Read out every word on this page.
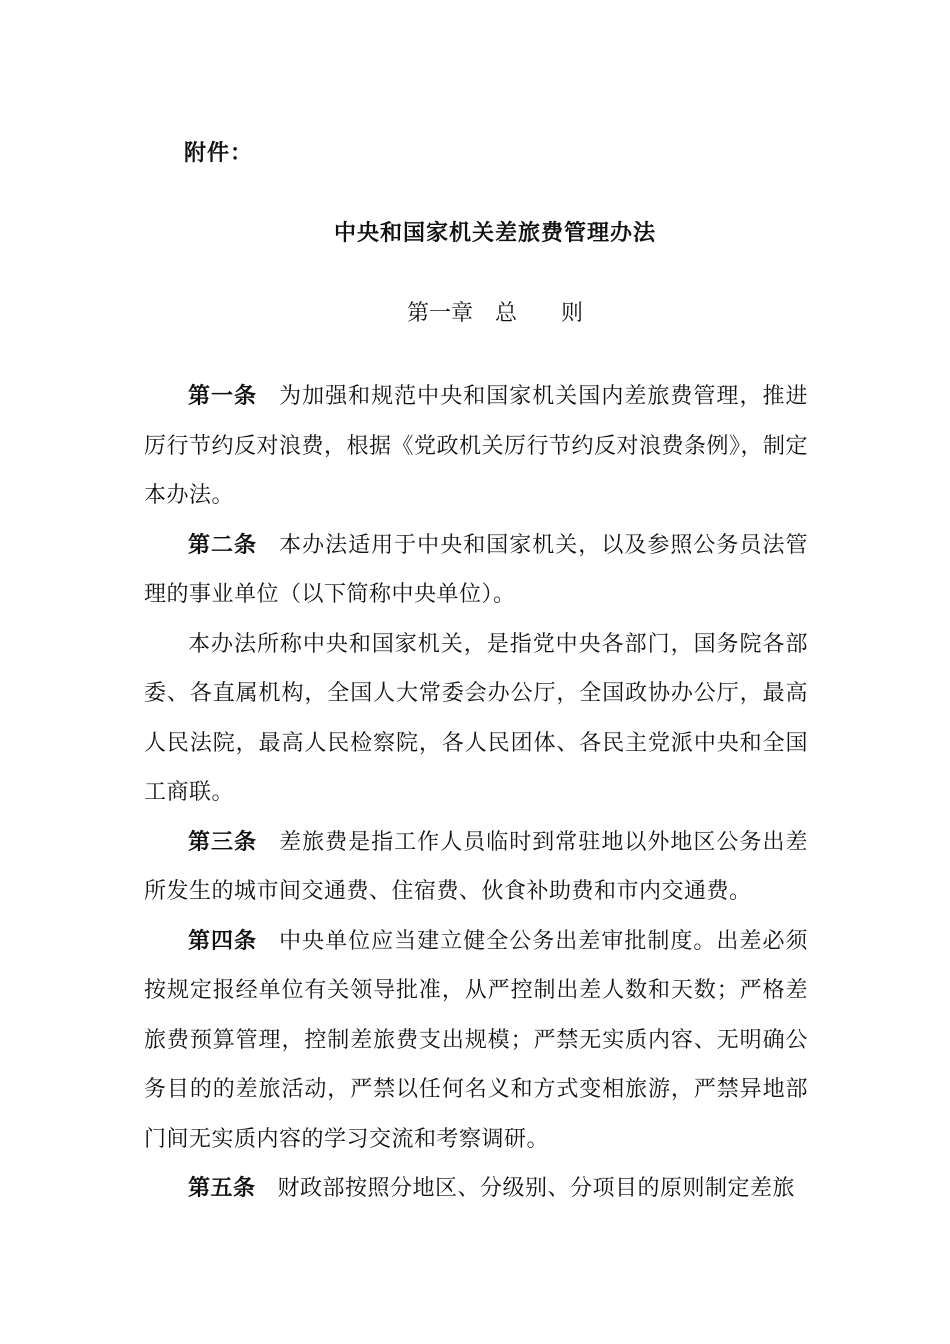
附件：

中央和国家机关差旅费管理办法
第一章　总　　则

第一条 为加强和规范中央和国家机关国内差旅费管理，推进厉行节约反对浪费，根据《党政机关厉行节约反对浪费条例》，制定本办法。

第二条 本办法适用于中央和国家机关，以及参照公务员法管理的事业单位（以下简称中央单位）。

本办法所称中央和国家机关，是指党中央各部门，国务院各部委、各直属机构，全国人大常委会办公厅，全国政协办公厅，最高人民法院，最高人民检察院，各人民团体、各民主党派中央和全国工商联。

第三条 差旅费是指工作人员临时到常驻地以外地区公务出差所发生的城市间交通费、住宿费、伙食补助费和市内交通费。

第四条 中央单位应当建立健全公务出差审批制度。出差必须按规定报经单位有关领导批准，从严控制出差人数和天数；严格差旅费预算管理，控制差旅费支出规模；严禁无实质内容、无明确公务目的的差旅活动，严禁以任何名义和方式变相旅游，严禁异地部门间无实质内容的学习交流和考察调研。

第五条 财政部按照分地区、分级别、分项目的原则制定差旅
